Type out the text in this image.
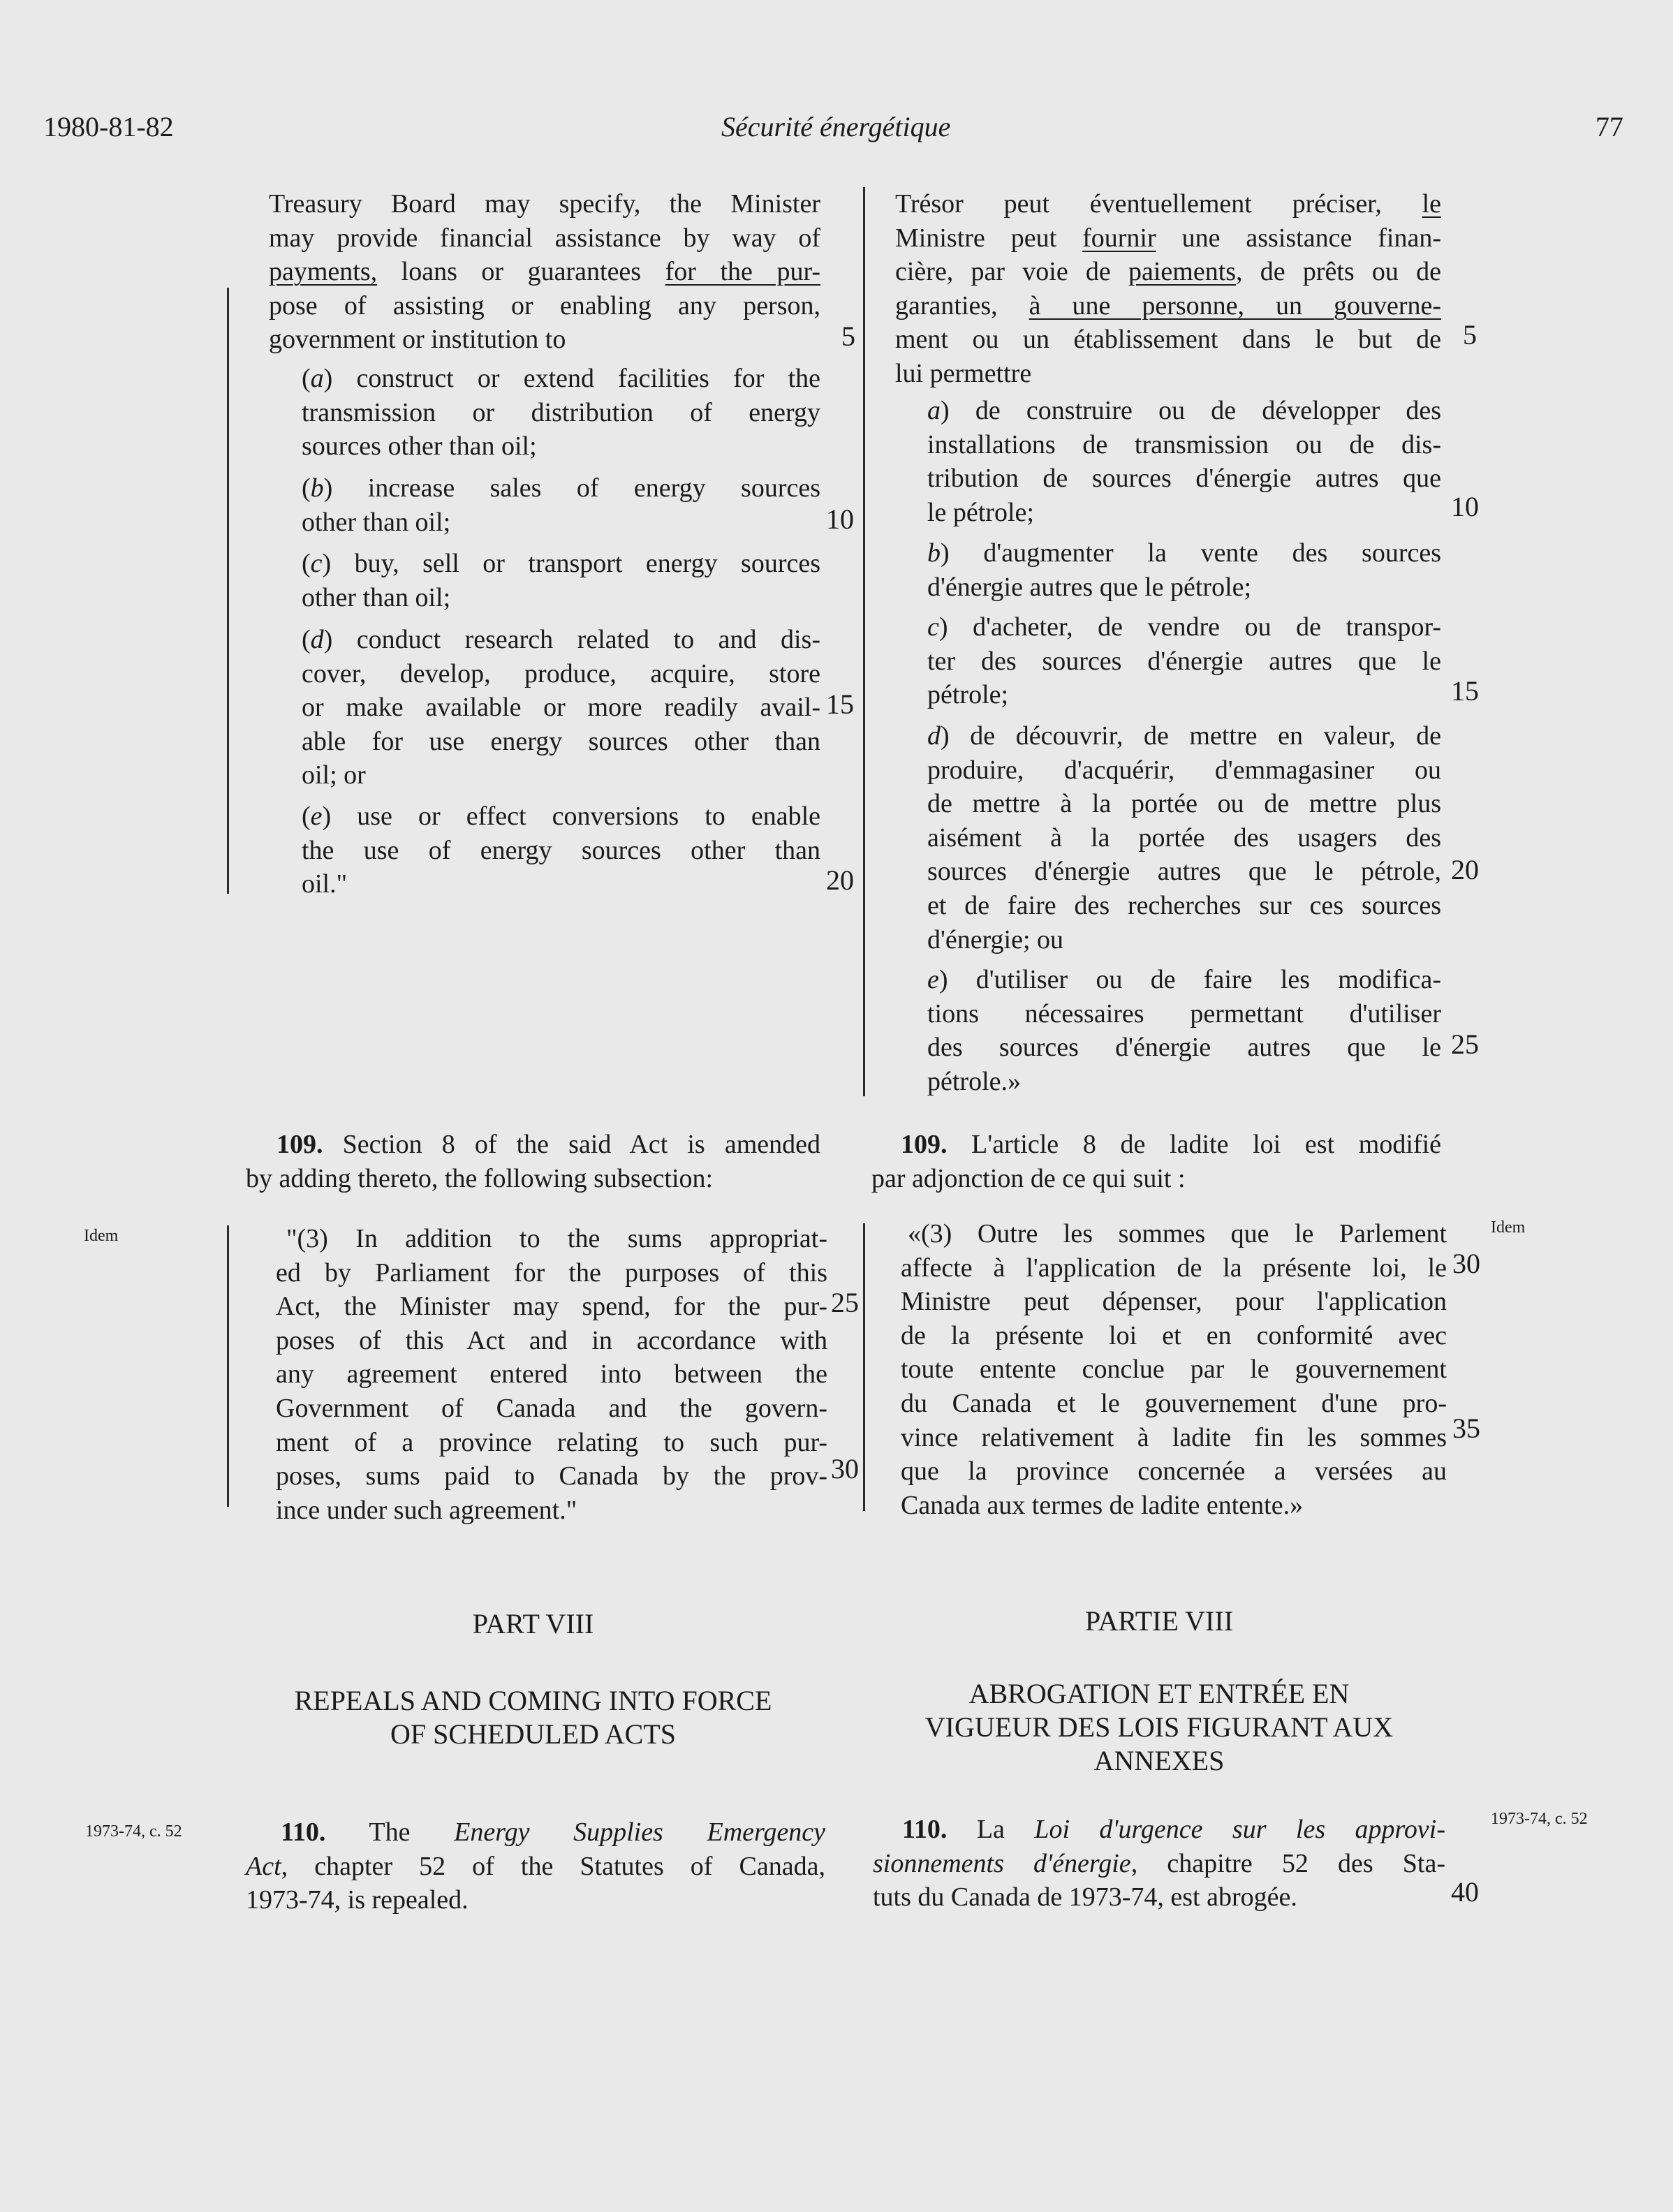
1980-81-82	Sécurité énergétique	77
Treasury Board may specify, the Minister
may provide financial assistance by way of
payments, loans or guarantees for the pur-
pose of assisting or enabling any person,
government or institution to
(a) construct or extend facilities for the
transmission or distribution of energy
sources other than oil;
(b) increase sales of energy sources
other than oil;
(c) buy, sell or transport energy sources
other than oil;
(d) conduct research related to and dis-
cover, develop, produce, acquire, store
or make available or more readily avail-
able for use energy sources other than
oil; or
(e) use or effect conversions to enable
the use of energy sources other than
oil."
5
10
15
20
109. Section 8 of the said Act is amended
by adding thereto, the following subsection:
Idem	"(3) In addition to the sums appropriat-
ed by Parliament for the purposes of this
Act, the Minister may spend, for the pur-
poses of this Act and in accordance with
any agreement entered into between the
Government of Canada and the govern-
ment of a province relating to such pur-
poses, sums paid to Canada by the prov-
ince under such agreement."
25
30
PART VIII
REPEALS AND COMING INTO FORCE
OF SCHEDULED ACTS
1973-74, c. 52	110. The Energy Supplies Emergency
Act, chapter 52 of the Statutes of Canada,
1973-74, is repealed.
Trésor peut éventuellement préciser, le
Ministre peut fournir une assistance finan-
cière, par voie de paiements, de prêts ou de
garanties, à une personne, un gouverne-
ment ou un établissement dans le but de
lui permettre
a) de construire ou de développer des
installations de transmission ou de dis-
tribution de sources d'énergie autres que
le pétrole;
b) d'augmenter la vente des sources
d'énergie autres que le pétrole;
c) d'acheter, de vendre ou de transpor-
ter des sources d'énergie autres que le
pétrole;
d) de découvrir, de mettre en valeur, de
produire, d'acquérir, d'emmagasiner ou
de mettre à la portée ou de mettre plus
aisément à la portée des usagers des
sources d'énergie autres que le pétrole,
et de faire des recherches sur ces sources
d'énergie; ou
e) d'utiliser ou de faire les modifica-
tions nécessaires permettant d'utiliser
des sources d'énergie autres que le
pétrole.»
5
10
15
20
25
109. L'article 8 de ladite loi est modifié
par adjonction de ce qui suit :
Idem
«(3) Outre les sommes que le Parlement
affecte à l'application de la présente loi, le
Ministre peut dépenser, pour l'application
de la présente loi et en conformité avec
toute entente conclue par le gouvernement
du Canada et le gouvernement d'une pro-
vince relativement à ladite fin les sommes
que la province concernée a versées au
Canada aux termes de ladite entente.»
30
35
PARTIE VIII
ABROGATION ET ENTRÉE EN
VIGUEUR DES LOIS FIGURANT AUX
ANNEXES
1973-74, c. 52
110. La Loi d'urgence sur les approvi-
sionnements d'énergie, chapitre 52 des Sta-
tuts du Canada de 1973-74, est abrogée.	40
